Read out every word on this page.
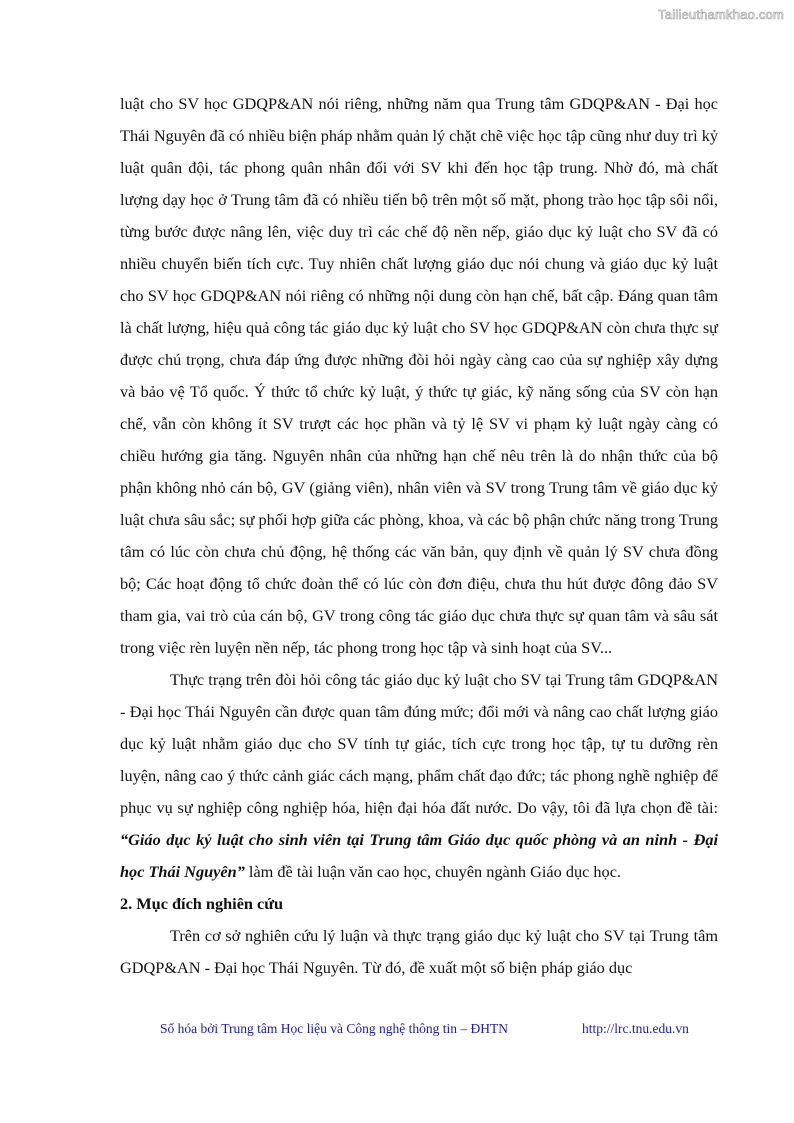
Tailieuthamkhao.com

luật cho SV học GDQP&AN nói riêng, những năm qua Trung tâm GDQP&AN - Đại học Thái Nguyên đã có nhiều biện pháp nhằm quản lý chặt chẽ việc học tập cũng như duy trì kỷ luật quân đội, tác phong quân nhân đối với SV khi đến học tập trung. Nhờ đó, mà chất lượng dạy học ở Trung tâm đã có nhiều tiến bộ trên một số mặt, phong trào học tập sôi nổi, từng bước được nâng lên, việc duy trì các chế độ nền nếp, giáo dục kỷ luật cho SV đã có nhiều chuyển biến tích cực. Tuy nhiên chất lượng giáo dục nói chung và giáo dục kỷ luật cho SV học GDQP&AN nói riêng có những nội dung còn hạn chế, bất cập. Đáng quan tâm là chất lượng, hiệu quả công tác giáo dục kỷ luật cho SV học GDQP&AN còn chưa thực sự được chú trọng, chưa đáp ứng được những đòi hỏi ngày càng cao của sự nghiệp xây dựng và bảo vệ Tổ quốc. Ý thức tổ chức kỷ luật, ý thức tự giác, kỹ năng sống của SV còn hạn chế, vẫn còn không ít SV trượt các học phần và tỷ lệ SV vi phạm kỷ luật ngày càng có chiều hướng gia tăng. Nguyên nhân của những hạn chế nêu trên là do nhận thức của bộ phận không nhỏ cán bộ, GV (giảng viên), nhân viên và SV trong Trung tâm về giáo dục kỷ luật chưa sâu sắc; sự phối hợp giữa các phòng, khoa, và các bộ phận chức năng trong Trung tâm có lúc còn chưa chủ động, hệ thống các văn bản, quy định về quản lý SV chưa đồng bộ; Các hoạt động tổ chức đoàn thể có lúc còn đơn điệu, chưa thu hút được đông đảo SV tham gia, vai trò của cán bộ, GV trong công tác giáo dục chưa thực sự quan tâm và sâu sát trong việc rèn luyện nền nếp, tác phong trong học tập và sinh hoạt của SV...

Thực trạng trên đòi hỏi công tác giáo dục kỷ luật cho SV tại Trung tâm GDQP&AN - Đại học Thái Nguyên cần được quan tâm đúng mức; đổi mới và nâng cao chất lượng giáo dục kỷ luật nhằm giáo dục cho SV tính tự giác, tích cực trong học tập, tự tu dưỡng rèn luyện, nâng cao ý thức cảnh giác cách mạng, phẩm chất đạo đức; tác phong nghề nghiệp để phục vụ sự nghiệp công nghiệp hóa, hiện đại hóa đất nước. Do vậy, tôi đã lựa chọn đề tài: “Giáo dục kỷ luật cho sinh viên tại Trung tâm Giáo dục quốc phòng và an ninh - Đại học Thái Nguyên” làm đề tài luận văn cao học, chuyên ngành Giáo dục học.

2. Mục đích nghiên cứu

Trên cơ sở nghiên cứu lý luận và thực trạng giáo dục kỷ luật cho SV tại Trung tâm GDQP&AN - Đại học Thái Nguyên. Từ đó, đề xuất một số biện pháp giáo dục

Số hóa bởi Trung tâm Học liệu và Công nghệ thông tin – ĐHTN	http://lrc.tnu.edu.vn
